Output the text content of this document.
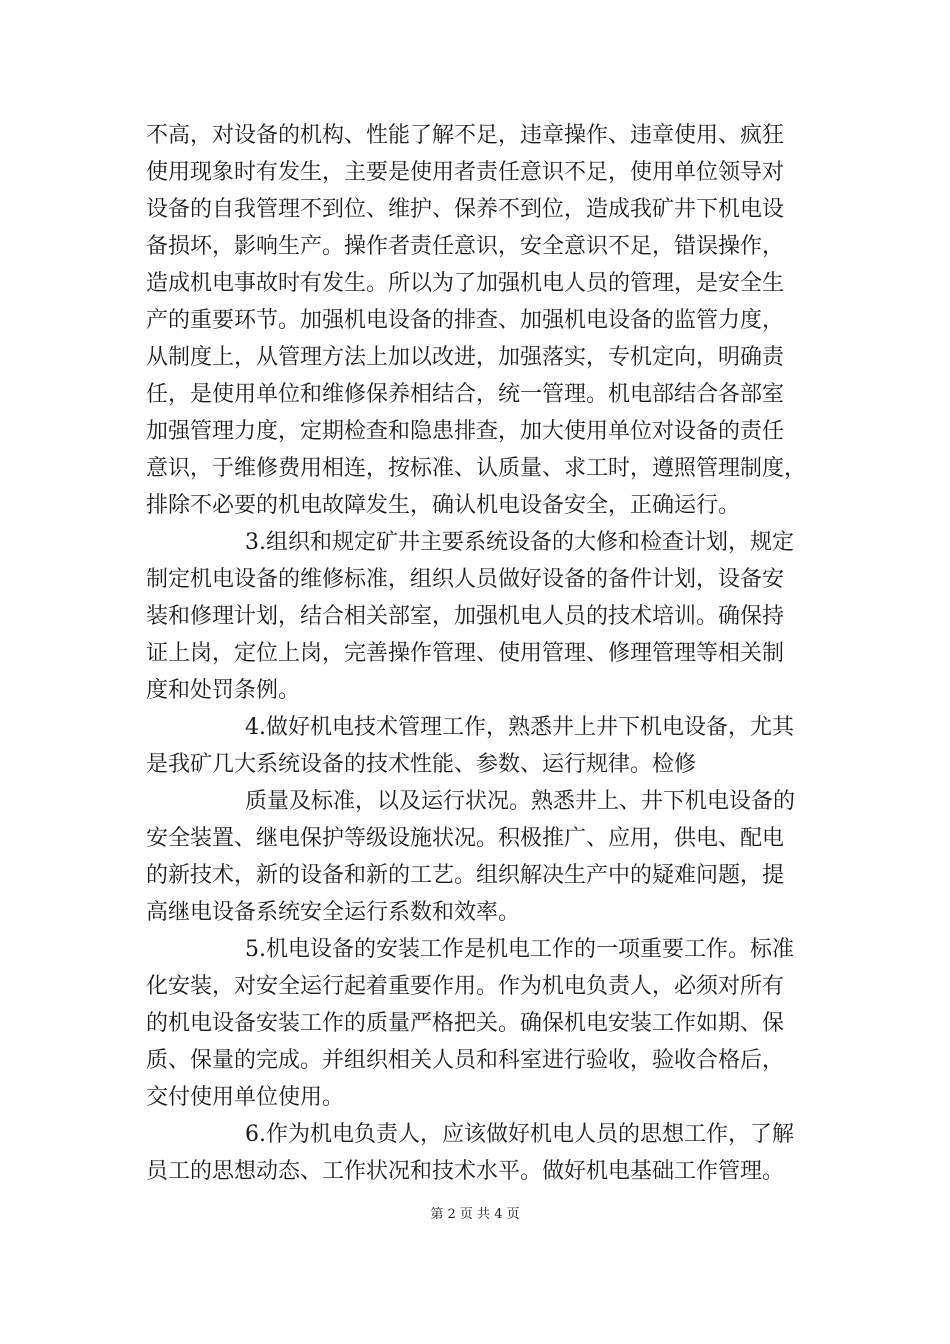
不高，对设备的机构、性能了解不足，违章操作、违章使用、疯狂
使用现象时有发生，主要是使用者责任意识不足，使用单位领导对
设备的自我管理不到位、维护、保养不到位，造成我矿井下机电设
备损坏，影响生产。操作者责任意识，安全意识不足，错误操作，
造成机电事故时有发生。所以为了加强机电人员的管理，是安全生
产的重要环节。加强机电设备的排查、加强机电设备的监管力度，
从制度上，从管理方法上加以改进，加强落实，专机定向，明确责
任，是使用单位和维修保养相结合，统一管理。机电部结合各部室
加强管理力度，定期检查和隐患排查，加大使用单位对设备的责任
意识，于维修费用相连，按标准、认质量、求工时，遵照管理制度，
排除不必要的机电故障发生，确认机电设备安全，正确运行。
3.组织和规定矿井主要系统设备的大修和检查计划，规定
制定机电设备的维修标准，组织人员做好设备的备件计划，设备安
装和修理计划，结合相关部室，加强机电人员的技术培训。确保持
证上岗，定位上岗，完善操作管理、使用管理、修理管理等相关制
度和处罚条例。
4.做好机电技术管理工作，熟悉井上井下机电设备，尤其
是我矿几大系统设备的技术性能、参数、运行规律。检修
质量及标准，以及运行状况。熟悉井上、井下机电设备的
安全装置、继电保护等级设施状况。积极推广、应用，供电、配电
的新技术，新的设备和新的工艺。组织解决生产中的疑难问题，提
高继电设备系统安全运行系数和效率。
5.机电设备的安装工作是机电工作的一项重要工作。标准
化安装，对安全运行起着重要作用。作为机电负责人，必须对所有
的机电设备安装工作的质量严格把关。确保机电安装工作如期、保
质、保量的完成。并组织相关人员和科室进行验收，验收合格后，
交付使用单位使用。
6.作为机电负责人，应该做好机电人员的思想工作，了解
员工的思想动态、工作状况和技术水平。做好机电基础工作管理。
第 2 页 共 4 页
